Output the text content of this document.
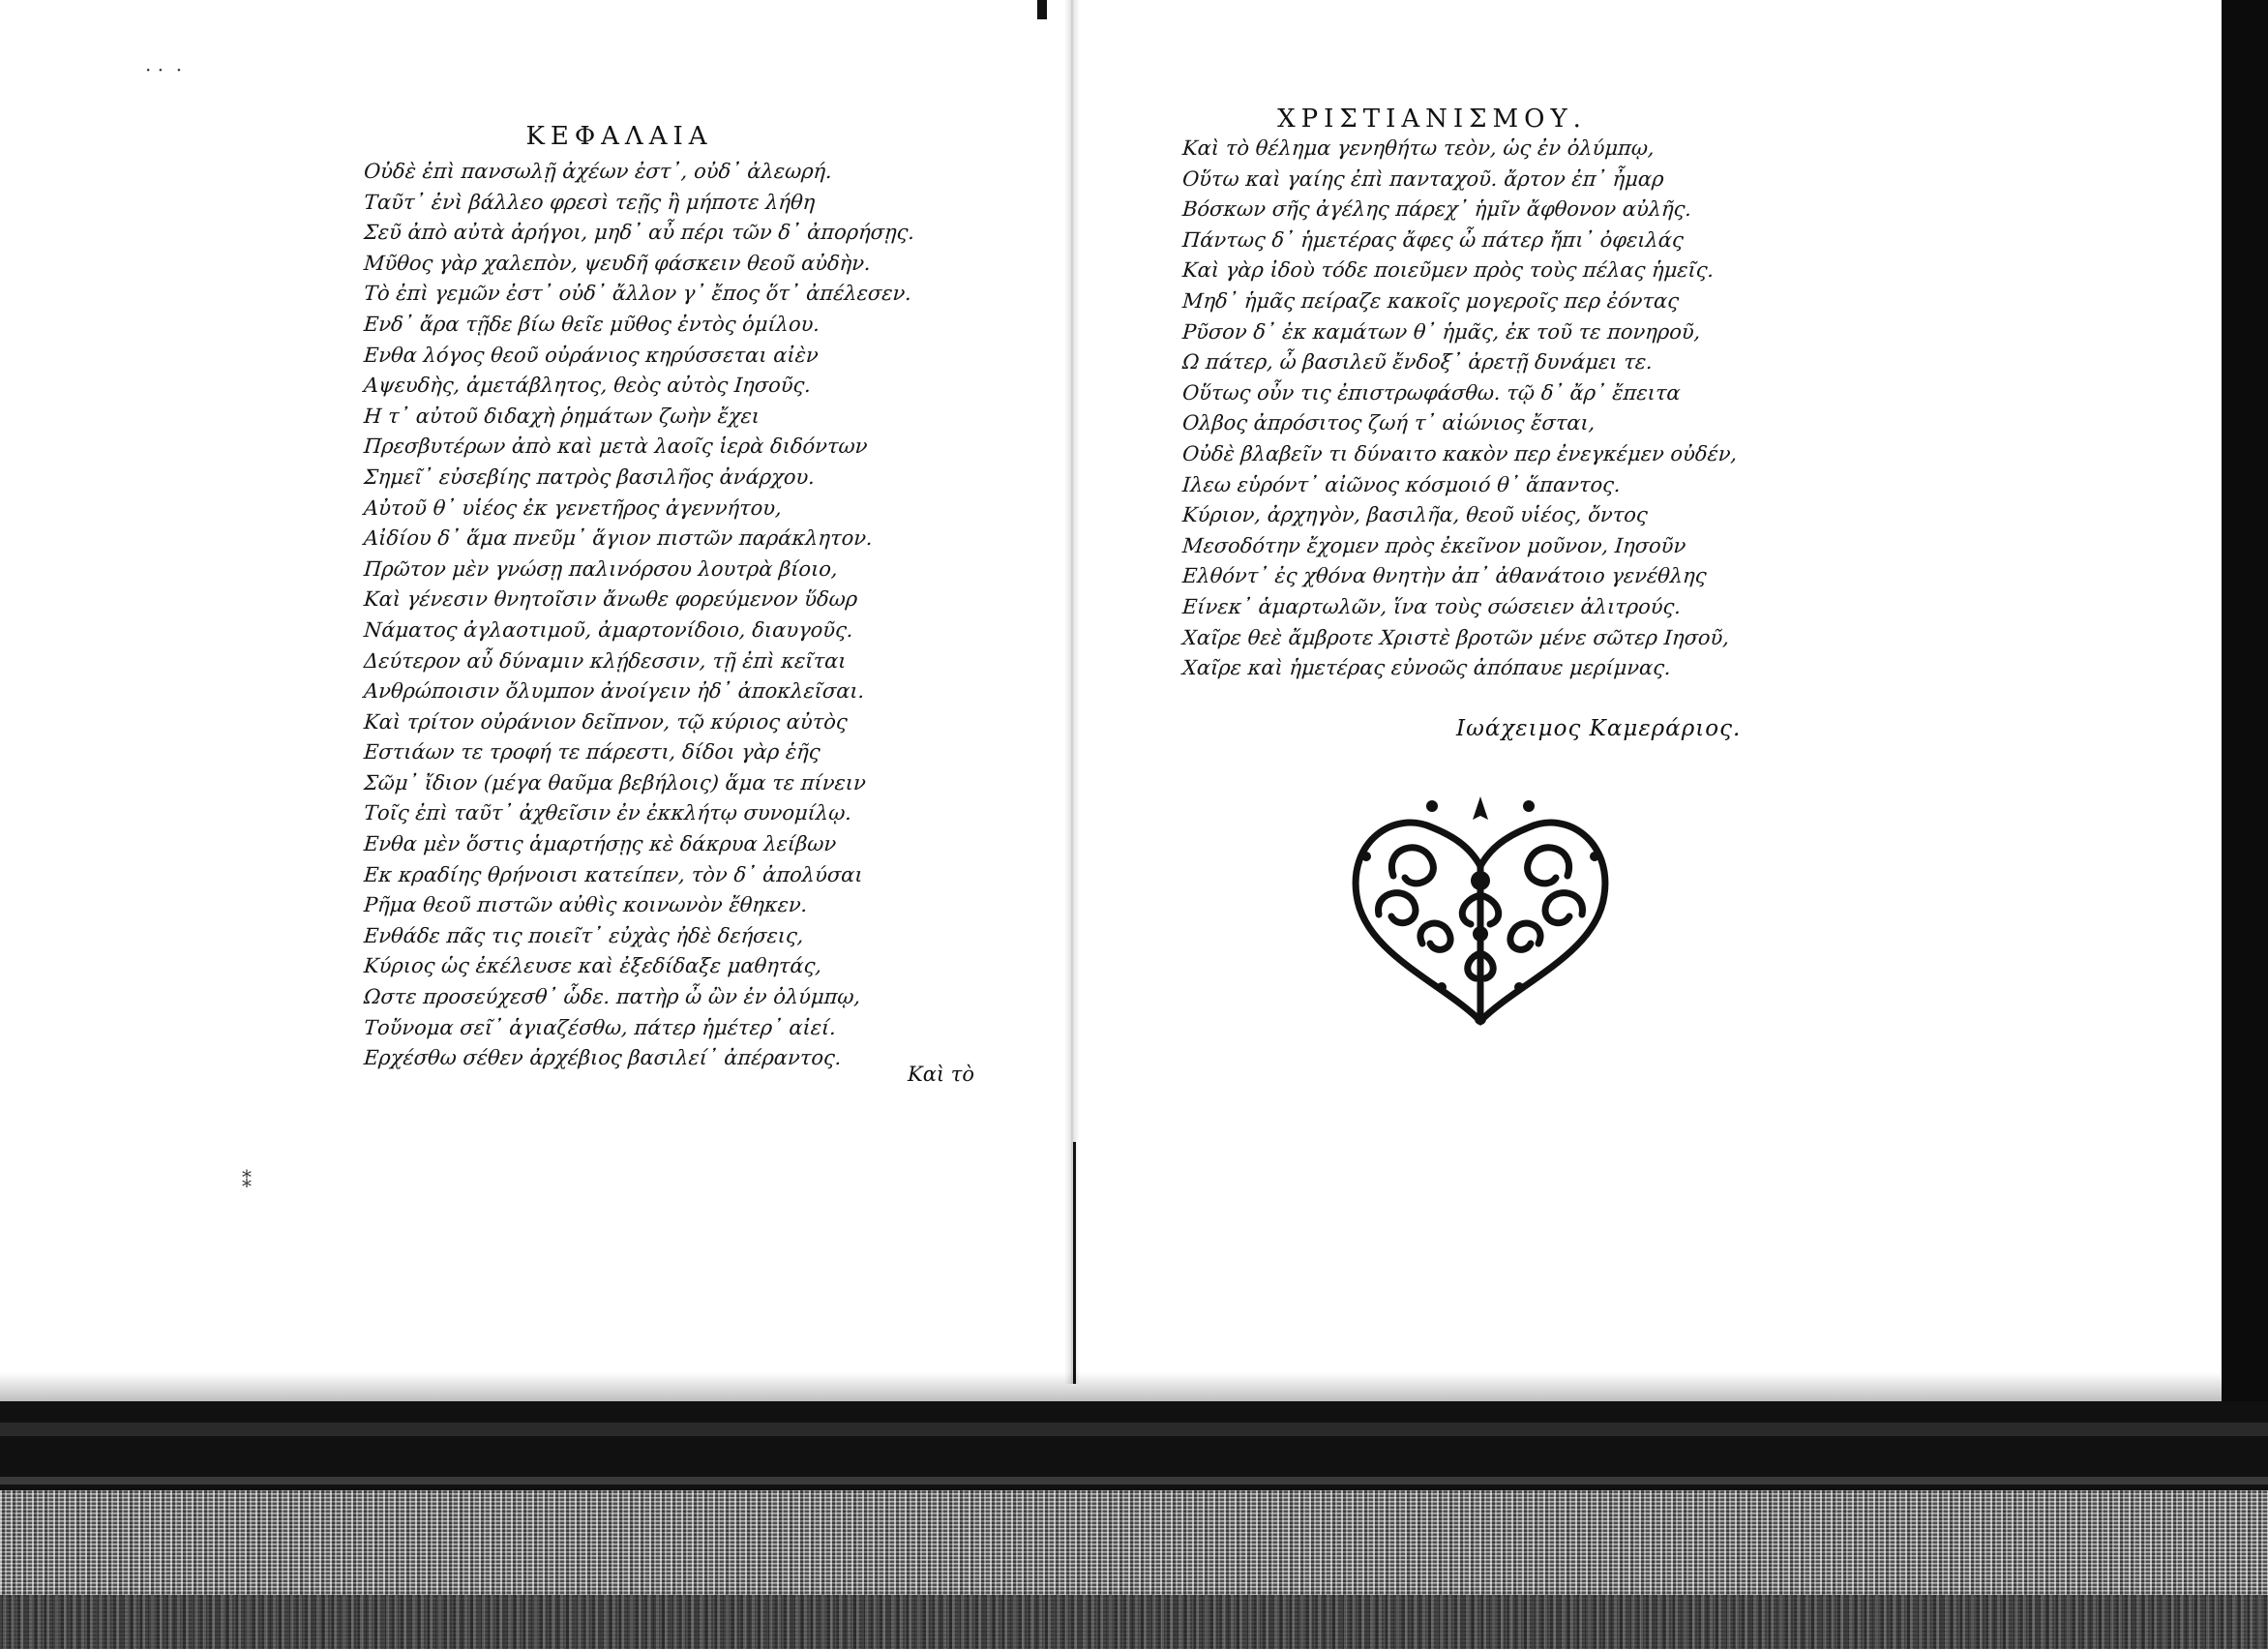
· ·  ·
⁑
ΚΕΦΑΛΑΙΑ
Οὐδὲ ἐπὶ πανσωλῇ ἀχέων ἐστ᾽, οὐδ᾽ ἀλεωρή.
Ταῦτ᾽ ἐνὶ βάλλεο φρεσὶ τεῇς ἢ μήποτε λήθη
Σεῦ ἀπὸ αὐτὰ ἀρήγοι, μηδ᾽ αὖ πέρι τῶν δ᾽ ἀπορήσῃς.
Μῦθος γὰρ χαλεπὸν, ψευδῆ φάσκειν θεοῦ αὐδὴν.
Τὸ ἐπὶ γεμῶν ἐστ᾽ οὐδ᾽ ἄλλον γ᾽ ἔπος ὅτ᾽ ἀπέλεσεν.
Ενδ᾽ ἄρα τῇδε βίω θεῖε μῦθος ἐντὸς ὁμίλου.
Ενθα λόγος θεοῦ οὐράνιος κηρύσσεται αἰὲν
Αψευδὴς, ἀμετάβλητος, θεὸς αὐτὸς Ιησοῦς.
Η τ᾽ αὐτοῦ διδαχὴ ῥημάτων ζωὴν ἔχει
Πρεσβυτέρων ἀπὸ καὶ μετὰ λαοῖς ἱερὰ διδόντων
Σημεῖ᾽ εὐσεβίης πατρὸς βασιλῆος ἀνάρχου.
Αὐτοῦ θ᾽ υἱέος ἐκ γενετῆρος ἀγεννήτου,
Αἰδίου δ᾽ ἅμα πνεῦμ᾽ ἅγιον πιστῶν παράκλητον.
Πρῶτον μὲν γνώσῃ παλινόρσου λουτρὰ βίοιο,
Καὶ γένεσιν θνητοῖσιν ἄνωθε φορεύμενον ὕδωρ
Νάματος ἀγλαοτιμοῦ, ἀμαρτονίδοιο, διαυγοῦς.
Δεύτερον αὖ δύναμιν κλῄδεσσιν, τῇ ἐπὶ κεῖται
Ανθρώποισιν ὄλυμπον ἀνοίγειν ἠδ᾽ ἀποκλεῖσαι.
Καὶ τρίτον οὐράνιον δεῖπνον, τῷ κύριος αὐτὸς
Εστιάων τε τροφή τε πάρεστι, δίδοι γὰρ ἑῆς
Σῶμ᾽ ἴδιον (μέγα θαῦμα βεβήλοις) ἅμα τε πίνειν
Τοῖς ἐπὶ ταῦτ᾽ ἀχθεῖσιν ἐν ἐκκλήτῳ συνομίλῳ.
Ενθα μὲν ὅστις ἁμαρτήσῃς κὲ δάκρυα λείβων
Εκ κραδίης θρήνοισι κατείπεν, τὸν δ᾽ ἀπολύσαι
Ρῆμα θεοῦ πιστῶν αὐθὶς κοινωνὸν ἔθηκεν.
Ενθάδε πᾶς τις ποιεῖτ᾽ εὐχὰς ἠδὲ δεήσεις,
Κύριος ὡς ἐκέλευσε καὶ ἐξεδίδαξε μαθητάς,
Ωστε προσεύχεσθ᾽ ὧδε. πατὴρ ὦ ὢν ἐν ὀλύμπῳ,
Τοὔνομα σεῖ᾽ ἁγιαζέσθω, πάτερ ἡμέτερ᾽ αἰεί.
Ερχέσθω σέθεν ἀρχέβιος βασιλεί᾽ ἀπέραντος.
Καὶ τὸ
ΧΡΙΣΤΙΑΝΙΣΜΟΥ.
Καὶ τὸ θέλημα γενηθήτω τεὸν, ὡς ἐν ὀλύμπῳ,
Οὕτω καὶ γαίης ἐπὶ πανταχοῦ. ἄρτον ἐπ᾽ ἦμαρ
Βόσκων σῆς ἀγέλης πάρεχ᾽ ἡμῖν ἄφθονον αὐλῆς.
Πάντως δ᾽ ἡμετέρας ἄφες ὦ πάτερ ἤπι᾽ ὀφειλάς
Καὶ γὰρ ἰδοὺ τόδε ποιεῦμεν πρὸς τοὺς πέλας ἡμεῖς.
Μηδ᾽ ἡμᾶς πείραζε κακοῖς μογεροῖς περ ἐόντας
Ρῦσον δ᾽ ἐκ καμάτων θ᾽ ἡμᾶς, ἐκ τοῦ τε πονηροῦ,
Ω πάτερ, ὦ βασιλεῦ ἔνδοξ᾽ ἀρετῇ δυνάμει τε.
Οὕτως οὖν τις ἐπιστρωφάσθω. τῷ δ᾽ ἄρ᾽ ἔπειτα
Ολβος ἀπρόσιτος ζωή τ᾽ αἰώνιος ἔσται,
Οὐδὲ βλαβεῖν τι δύναιτο κακὸν περ ἐνεγκέμεν οὐδέν,
Ιλεω εὑρόντ᾽ αἰῶνος κόσμοιό θ᾽ ἅπαντος.
Κύριον, ἀρχηγὸν, βασιλῆα, θεοῦ υἱέος, ὄντος
Μεσοδότην ἔχομεν πρὸς ἐκεῖνον μοῦνον, Ιησοῦν
Ελθόντ᾽ ἐς χθόνα θνητὴν ἀπ᾽ ἀθανάτοιο γενέθλης
Είνεκ᾽ ἁμαρτωλῶν, ἵνα τοὺς σώσειεν ἀλιτρούς.
Χαῖρε θεὲ ἄμβροτε Χριστὲ βροτῶν μένε σῶτερ Ιησοῦ,
Χαῖρε καὶ ἡμετέρας εὐνοῶς ἀπόπαυε μερίμνας.
Ιωάχειμος Καμεράριος.
